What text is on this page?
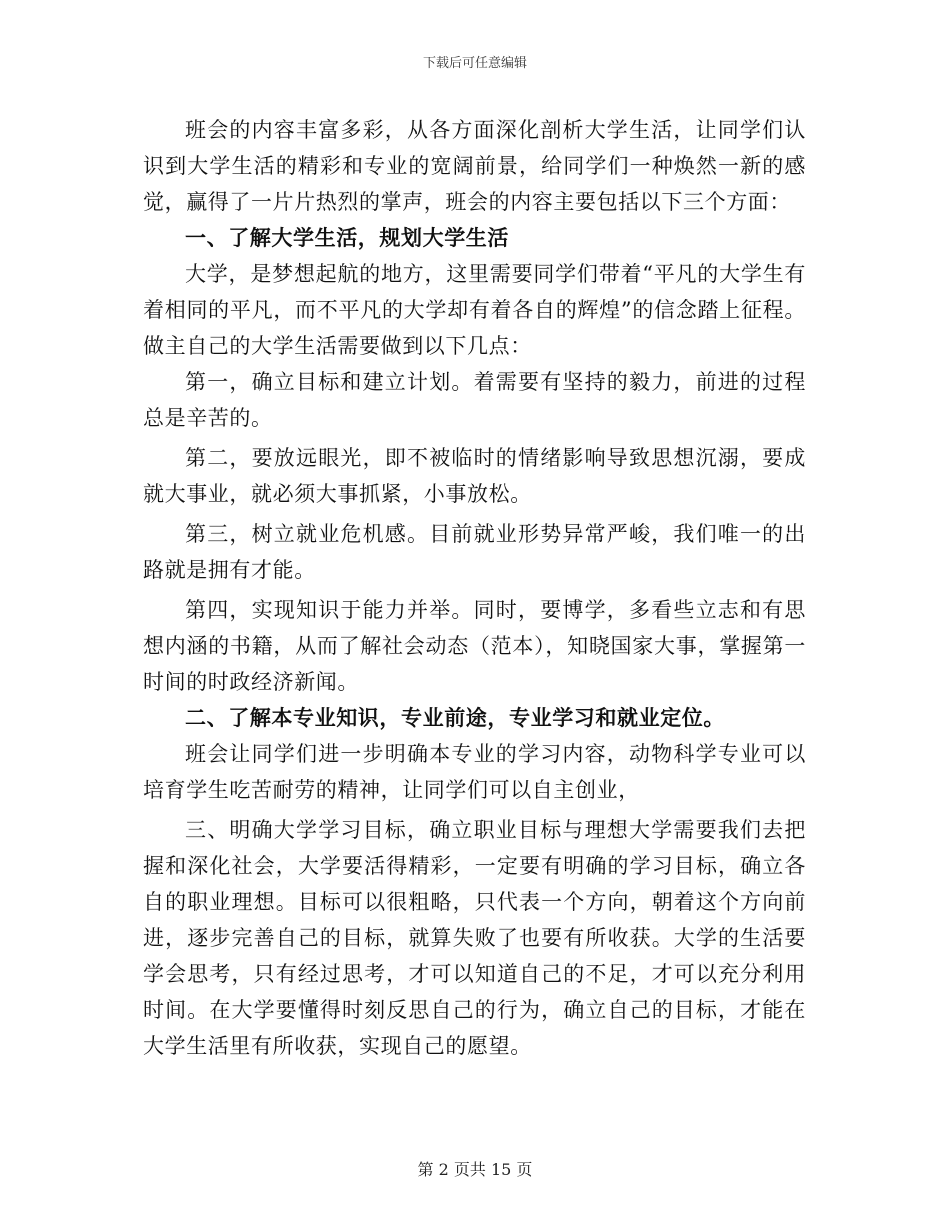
下载后可任意编辑

班会的内容丰富多彩，从各方面深化剖析大学生活，让同学们认识到大学生活的精彩和专业的宽阔前景，给同学们一种焕然一新的感觉，赢得了一片片热烈的掌声，班会的内容主要包括以下三个方面：

一、了解大学生活，规划大学生活

大学，是梦想起航的地方，这里需要同学们带着“平凡的大学生有着相同的平凡，而不平凡的大学却有着各自的辉煌”的信念踏上征程。做主自己的大学生活需要做到以下几点：

第一，确立目标和建立计划。着需要有坚持的毅力，前进的过程总是辛苦的。

第二，要放远眼光，即不被临时的情绪影响导致思想沉溺，要成就大事业，就必须大事抓紧，小事放松。

第三，树立就业危机感。目前就业形势异常严峻，我们唯一的出路就是拥有才能。

第四，实现知识于能力并举。同时，要博学，多看些立志和有思想内涵的书籍，从而了解社会动态（范本），知晓国家大事，掌握第一时间的时政经济新闻。

二、了解本专业知识，专业前途，专业学习和就业定位。

班会让同学们进一步明确本专业的学习内容，动物科学专业可以培育学生吃苦耐劳的精神，让同学们可以自主创业，

三、明确大学学习目标，确立职业目标与理想大学需要我们去把握和深化社会，大学要活得精彩，一定要有明确的学习目标，确立各自的职业理想。目标可以很粗略，只代表一个方向，朝着这个方向前进，逐步完善自己的目标，就算失败了也要有所收获。大学的生活要学会思考，只有经过思考，才可以知道自己的不足，才可以充分利用时间。在大学要懂得时刻反思自己的行为，确立自己的目标，才能在大学生活里有所收获，实现自己的愿望。

第 2 页共 15 页
